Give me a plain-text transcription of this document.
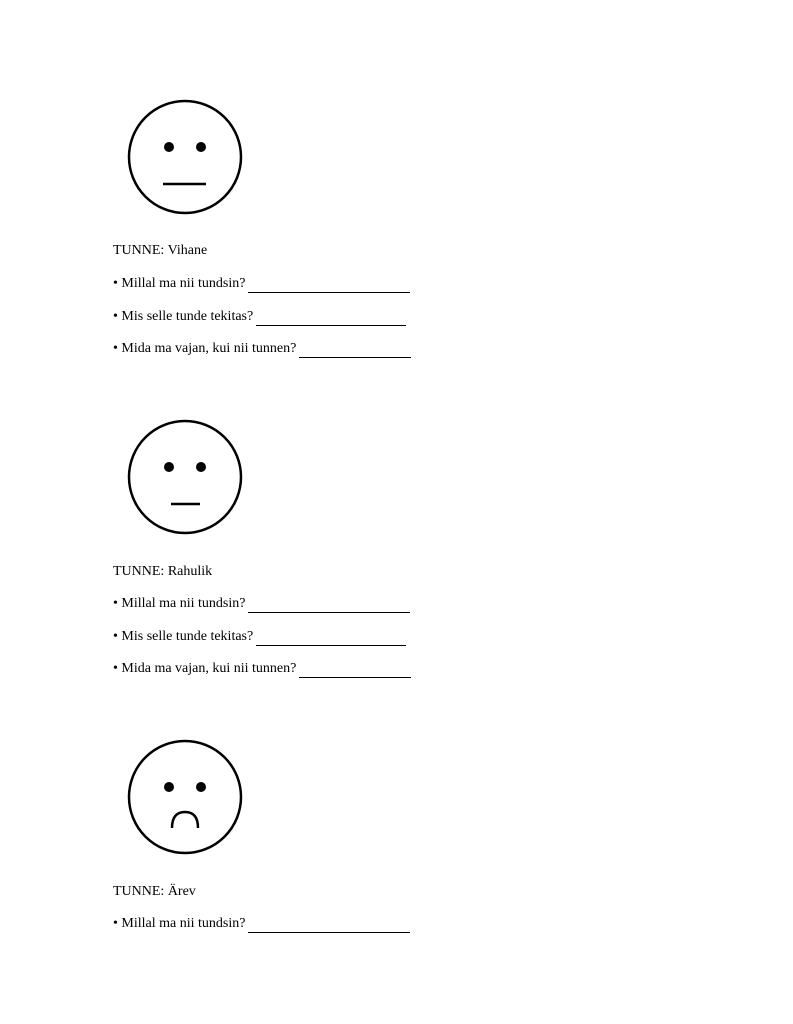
TUNNE: Vihane
• Millal ma nii tundsin?
• Mis selle tunde tekitas?
• Mida ma vajan, kui nii tunnen?
TUNNE: Rahulik
• Millal ma nii tundsin?
• Mis selle tunde tekitas?
• Mida ma vajan, kui nii tunnen?
TUNNE: Ärev
• Millal ma nii tundsin?
